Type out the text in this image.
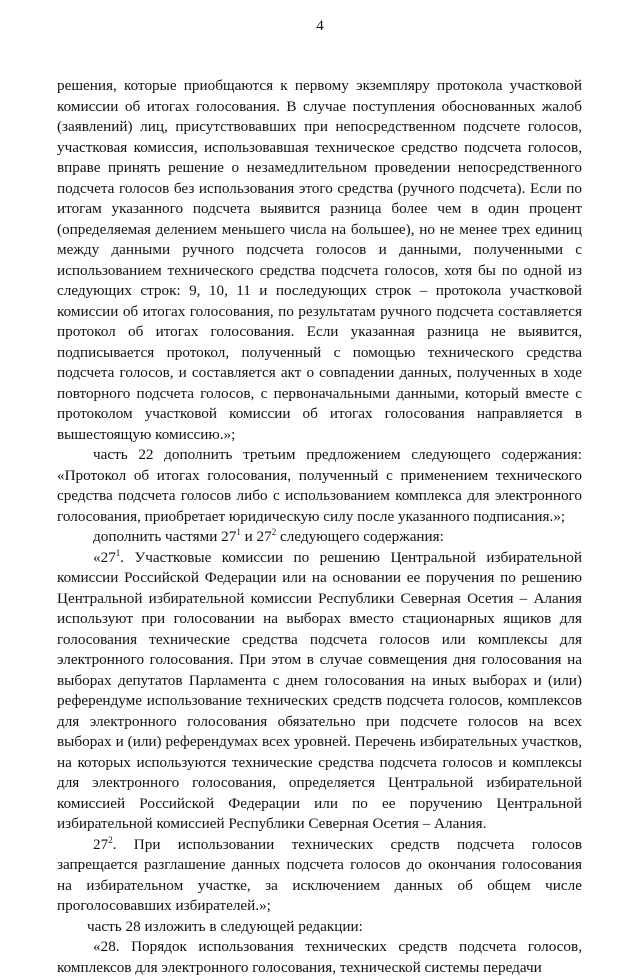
4

решения, которые приобщаются к первому экземпляру протокола участковой комиссии об итогах голосования. В случае поступления обоснованных жалоб (заявлений) лиц, присутствовавших при непосредственном подсчете голосов, участковая комиссия, использовавшая техническое средство подсчета голосов, вправе принять решение о незамедлительном проведении непосредственного подсчета голосов без использования этого средства (ручного подсчета). Если по итогам указанного подсчета выявится разница более чем в один процент (определяемая делением меньшего числа на большее), но не менее трех единиц между данными ручного подсчета голосов и данными, полученными с использованием технического средства подсчета голосов, хотя бы по одной из следующих строк: 9, 10, 11 и последующих строк – протокола участковой комиссии об итогах голосования, по результатам ручного подсчета составляется протокол об итогах голосования. Если указанная разница не выявится, подписывается протокол, полученный с помощью технического средства подсчета голосов, и составляется акт о совпадении данных, полученных в ходе повторного подсчета голосов, с первоначальными данными, который вместе с протоколом участковой комиссии об итогах голосования направляется в вышестоящую комиссию.»;

часть 22 дополнить третьим предложением следующего содержания: «Протокол об итогах голосования, полученный с применением технического средства подсчета голосов либо с использованием комплекса для электронного голосования, приобретает юридическую силу после указанного подписания.»;

дополнить частями $27^1$ и $27^2$ следующего содержания:

«$27^1$. Участковые комиссии по решению Центральной избирательной комиссии Российской Федерации или на основании ее поручения по решению Центральной избирательной комиссии Республики Северная Осетия – Алания используют при голосовании на выборах вместо стационарных ящиков для голосования технические средства подсчета голосов или комплексы для электронного голосования. При этом в случае совмещения дня голосования на выборах депутатов Парламента с днем голосования на иных выборах и (или) референдуме использование технических средств подсчета голосов, комплексов для электронного голосования обязательно при подсчете голосов на всех выборах и (или) референдумах всех уровней. Перечень избирательных участков, на которых используются технические средства подсчета голосов и комплексы для электронного голосования, определяется Центральной избирательной комиссией Российской Федерации или по ее поручению Центральной избирательной комиссией Республики Северная Осетия – Алания.

$27^2$. При использовании технических средств подсчета голосов запрещается разглашение данных подсчета голосов до окончания голосования на избирательном участке, за исключением данных об общем числе проголосовавших избирателей.»;

часть 28 изложить в следующей редакции:

«28. Порядок использования технических средств подсчета голосов, комплексов для электронного голосования, технической системы передачи
